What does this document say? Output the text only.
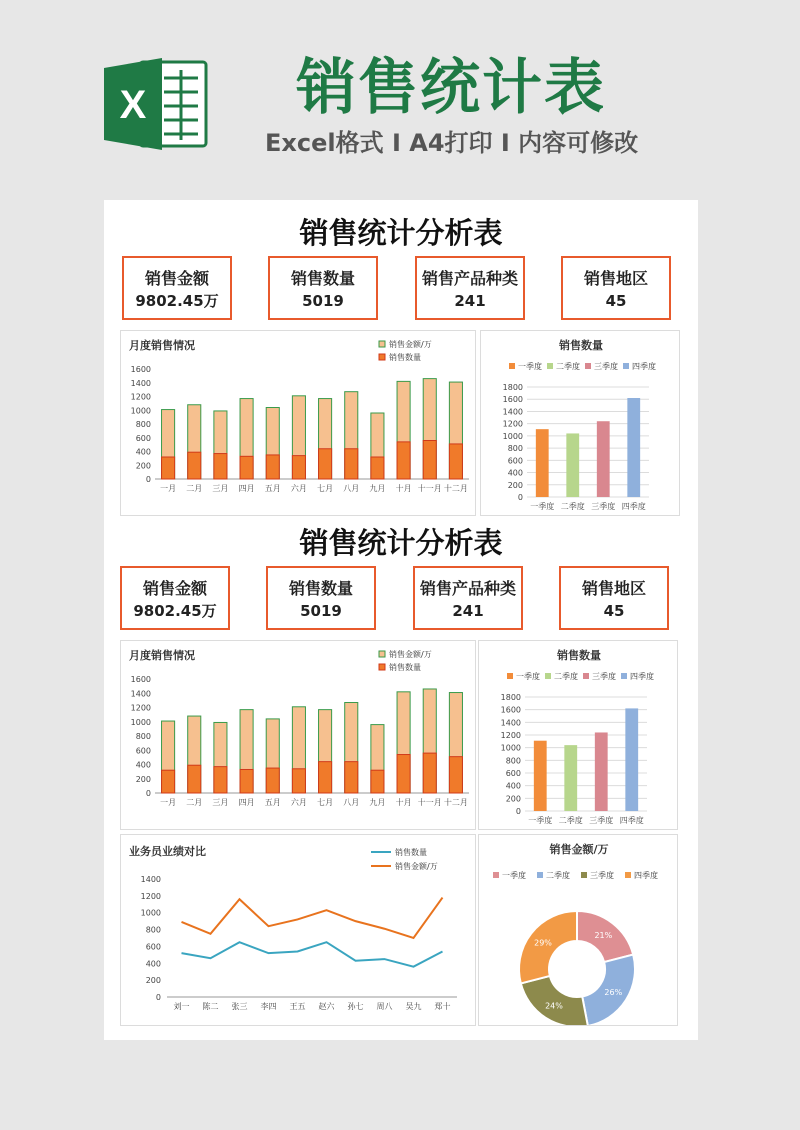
X 销售统计表
Excel格式 I A4打印 I 内容可修改
销售统计分析表
销售金额
9802.45万
销售数量
5019
销售产品种类
241
销售地区
45
月度销售情况
0
200
400
600
800
1000
1200
1400
1600
一月 二月 三月 四月 五月 六月 七月 八月 九月 十月 十一月 十二月
销售金额/万
销售数量
销售数量
一季度 二季度 三季度 四季度
0
200
400
600
800
1000
1200
1400
1600
1800
一季度 二季度 三季度 四季度
销售统计分析表
销售金额
9802.45万
销售数量
5019
销售产品种类
241
销售地区
45
月度销售情况
0
200
400
600
800
1000
1200
1400
1600
一月 二月 三月 四月 五月 六月 七月 八月 九月 十月 十一月 十二月
销售金额/万
销售数量
销售数量
一季度 二季度 三季度 四季度
0
200
400
600
800
1000
1200
1400
1600
1800
一季度 二季度 三季度 四季度
业务员业绩对比
0
200
400
600
800
1000
1200
1400
刘一 陈二 张三 李四 王五 赵六 孙七 周八 吴九 郑十
销售数量
销售金额/万
销售金额/万
一季度	二季度	三季度	四季度
21%
26%
24%
29%
